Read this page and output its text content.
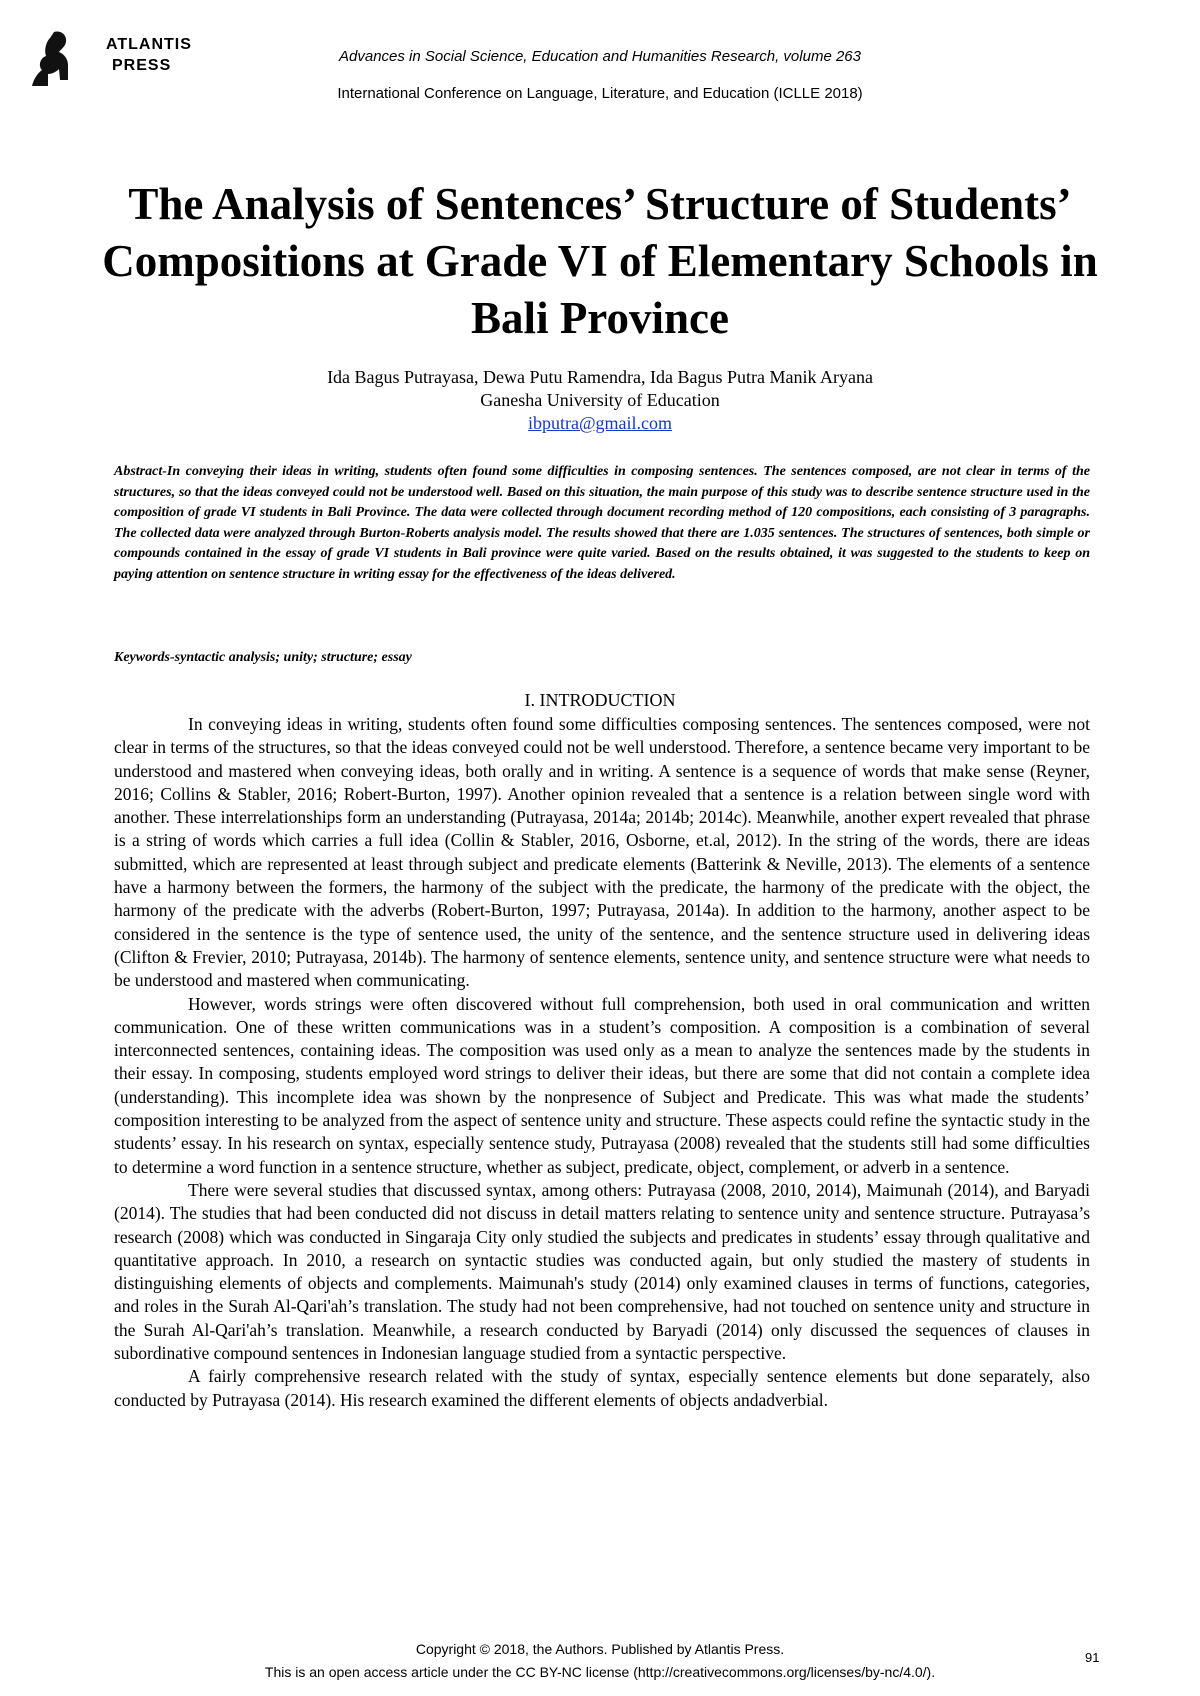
ATLANTIS
PRESS
Advances in Social Science, Education and Humanities Research, volume 263
International Conference on Language, Literature, and Education (ICLLE 2018)
The Analysis of Sentences’ Structure of Students’ Compositions at Grade VI of Elementary Schools in Bali Province
Ida Bagus Putrayasa, Dewa Putu Ramendra, Ida Bagus Putra Manik Aryana
Ganesha University of Education
ibputra@gmail.com

Abstract-In conveying their ideas in writing, students often found some difficulties in composing sentences. The sentences composed, are not clear in terms of the structures, so that the ideas conveyed could not be understood well. Based on this situation, the main purpose of this study was to describe sentence structure used in the composition of grade VI students in Bali Province. The data were collected through document recording method of 120 compositions, each consisting of 3 paragraphs. The collected data were analyzed through Burton-Roberts analysis model. The results showed that there are 1.035 sentences. The structures of sentences, both simple or compounds contained in the essay of grade VI students in Bali province were quite varied. Based on the results obtained, it was suggested to the students to keep on paying attention on sentence structure in writing essay for the effectiveness of the ideas delivered.

Keywords-syntactic analysis; unity; structure; essay

I. INTRODUCTION

In conveying ideas in writing, students often found some difficulties composing sentences. The sentences composed, were not clear in terms of the structures, so that the ideas conveyed could not be well understood. Therefore, a sentence became very important to be understood and mastered when conveying ideas, both orally and in writing. A sentence is a sequence of words that make sense (Reyner, 2016; Collins & Stabler, 2016; Robert-Burton, 1997). Another opinion revealed that a sentence is a relation between single word with another. These interrelationships form an understanding (Putrayasa, 2014a; 2014b; 2014c). Meanwhile, another expert revealed that phrase is a string of words which carries a full idea (Collin & Stabler, 2016, Osborne, et.al, 2012). In the string of the words, there are ideas submitted, which are represented at least through subject and predicate elements (Batterink & Neville, 2013). The elements of a sentence have a harmony between the formers, the harmony of the subject with the predicate, the harmony of the predicate with the object, the harmony of the predicate with the adverbs (Robert-Burton, 1997; Putrayasa, 2014a). In addition to the harmony, another aspect to be considered in the sentence is the type of sentence used, the unity of the sentence, and the sentence structure used in delivering ideas (Clifton & Frevier, 2010; Putrayasa, 2014b). The harmony of sentence elements, sentence unity, and sentence structure were what needs to be understood and mastered when communicating.

However, words strings were often discovered without full comprehension, both used in oral communication and written communication. One of these written communications was in a student’s composition. A composition is a combination of several interconnected sentences, containing ideas. The composition was used only as a mean to analyze the sentences made by the students in their essay. In composing, students employed word strings to deliver their ideas, but there are some that did not contain a complete idea (understanding). This incomplete idea was shown by the nonpresence of Subject and Predicate. This was what made the students’ composition interesting to be analyzed from the aspect of sentence unity and structure. These aspects could refine the syntactic study in the students’ essay. In his research on syntax, especially sentence study, Putrayasa (2008) revealed that the students still had some difficulties to determine a word function in a sentence structure, whether as subject, predicate, object, complement, or adverb in a sentence.

There were several studies that discussed syntax, among others: Putrayasa (2008, 2010, 2014), Maimunah (2014), and Baryadi (2014). The studies that had been conducted did not discuss in detail matters relating to sentence unity and sentence structure. Putrayasa’s research (2008) which was conducted in Singaraja City only studied the subjects and predicates in students’ essay through qualitative and quantitative approach. In 2010, a research on syntactic studies was conducted again, but only studied the mastery of students in distinguishing elements of objects and complements. Maimunah's study (2014) only examined clauses in terms of functions, categories, and roles in the Surah Al-Qari'ah’s translation. The study had not been comprehensive, had not touched on sentence unity and structure in the Surah Al-Qari'ah’s translation. Meanwhile, a research conducted by Baryadi (2014) only discussed the sequences of clauses in subordinative compound sentences in Indonesian language studied from a syntactic perspective.

A fairly comprehensive research related with the study of syntax, especially sentence elements but done separately, also conducted by Putrayasa (2014). His research examined the different elements of objects andadverbial.

Copyright © 2018, the Authors. Published by Atlantis Press.
This is an open access article under the CC BY-NC license (http://creativecommons.org/licenses/by-nc/4.0/).
91
